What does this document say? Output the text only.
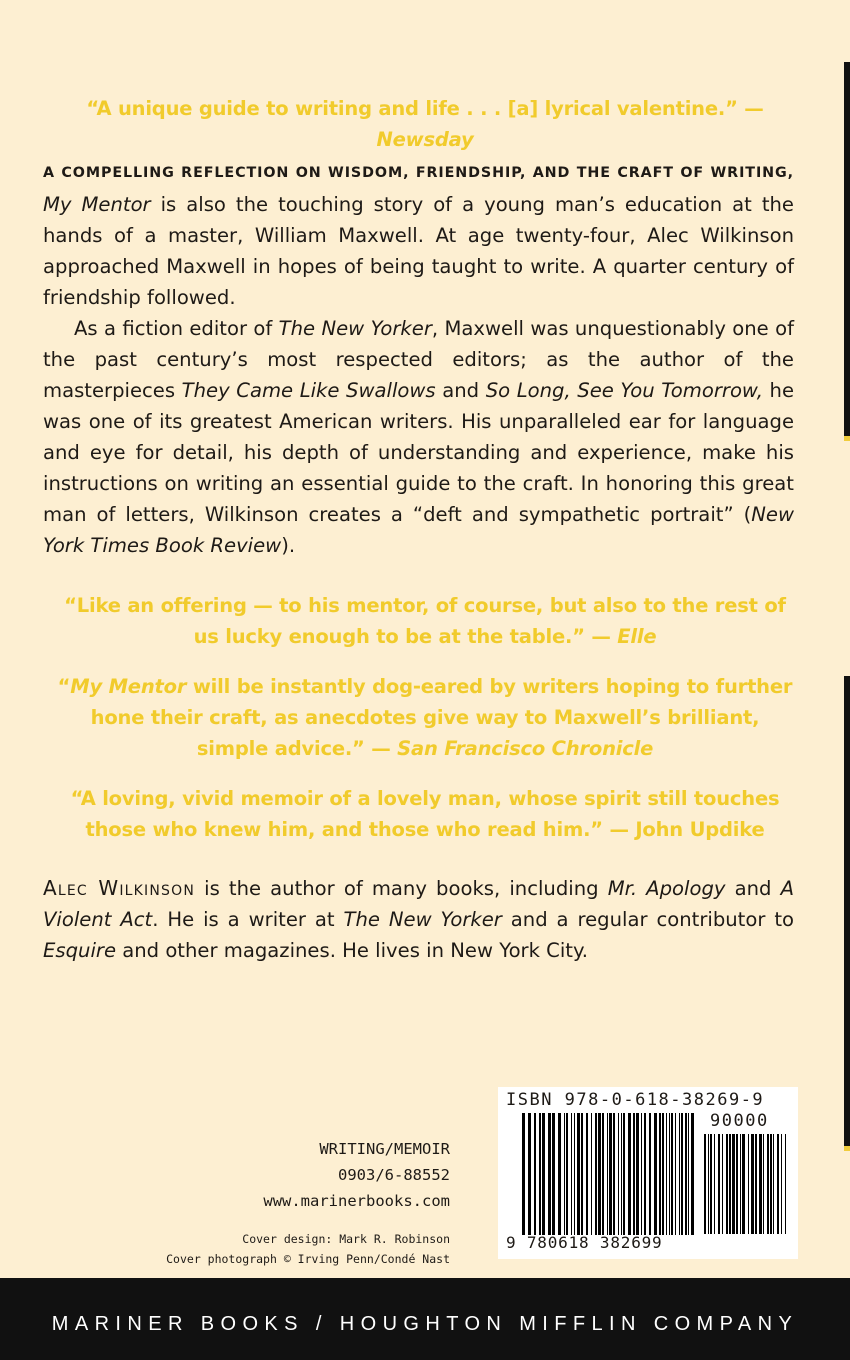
“A unique guide to writing and life . . . [a] lyrical valentine.” — Newsday

A COMPELLING REFLECTION ON WISDOM, FRIENDSHIP, AND THE CRAFT OF WRITING, My Mentor is also the touching story of a young man’s education at the hands of a master, William Maxwell. At age twenty-four, Alec Wilkinson approached Maxwell in hopes of being taught to write. A quarter century of friendship followed.

As a fiction editor of The New Yorker, Maxwell was unquestionably one of the past century’s most respected editors; as the author of the masterpieces They Came Like Swallows and So Long, See You Tomorrow, he was one of its greatest American writers. His unparalleled ear for language and eye for detail, his depth of understanding and experience, make his instructions on writing an essential guide to the craft. In honoring this great man of letters, Wilkinson creates a “deft and sympathetic portrait” (New York Times Book Review).

“Like an offering — to his mentor, of course, but also to the rest of us lucky enough to be at the table.” — Elle
“My Mentor will be instantly dog-eared by writers hoping to further hone their craft, as anecdotes give way to Maxwell’s brilliant, simple advice.” — San Francisco Chronicle
“A loving, vivid memoir of a lovely man, whose spirit still touches those who knew him, and those who read him.” — John Updike

Alec Wilkinson is the author of many books, including Mr. Apology and A Violent Act. He is a writer at The New Yorker and a regular contributor to Esquire and other magazines. He lives in New York City.

WRITING/MEMOIR
0903/6-88552
www.marinerbooks.com
Cover design: Mark R. Robinson
Cover photograph © Irving Penn/Condé Nast
ISBN 978-0-618-38269-9
90000
9 780618 382699
MARINER BOOKS / HOUGHTON MIFFLIN COMPANY
